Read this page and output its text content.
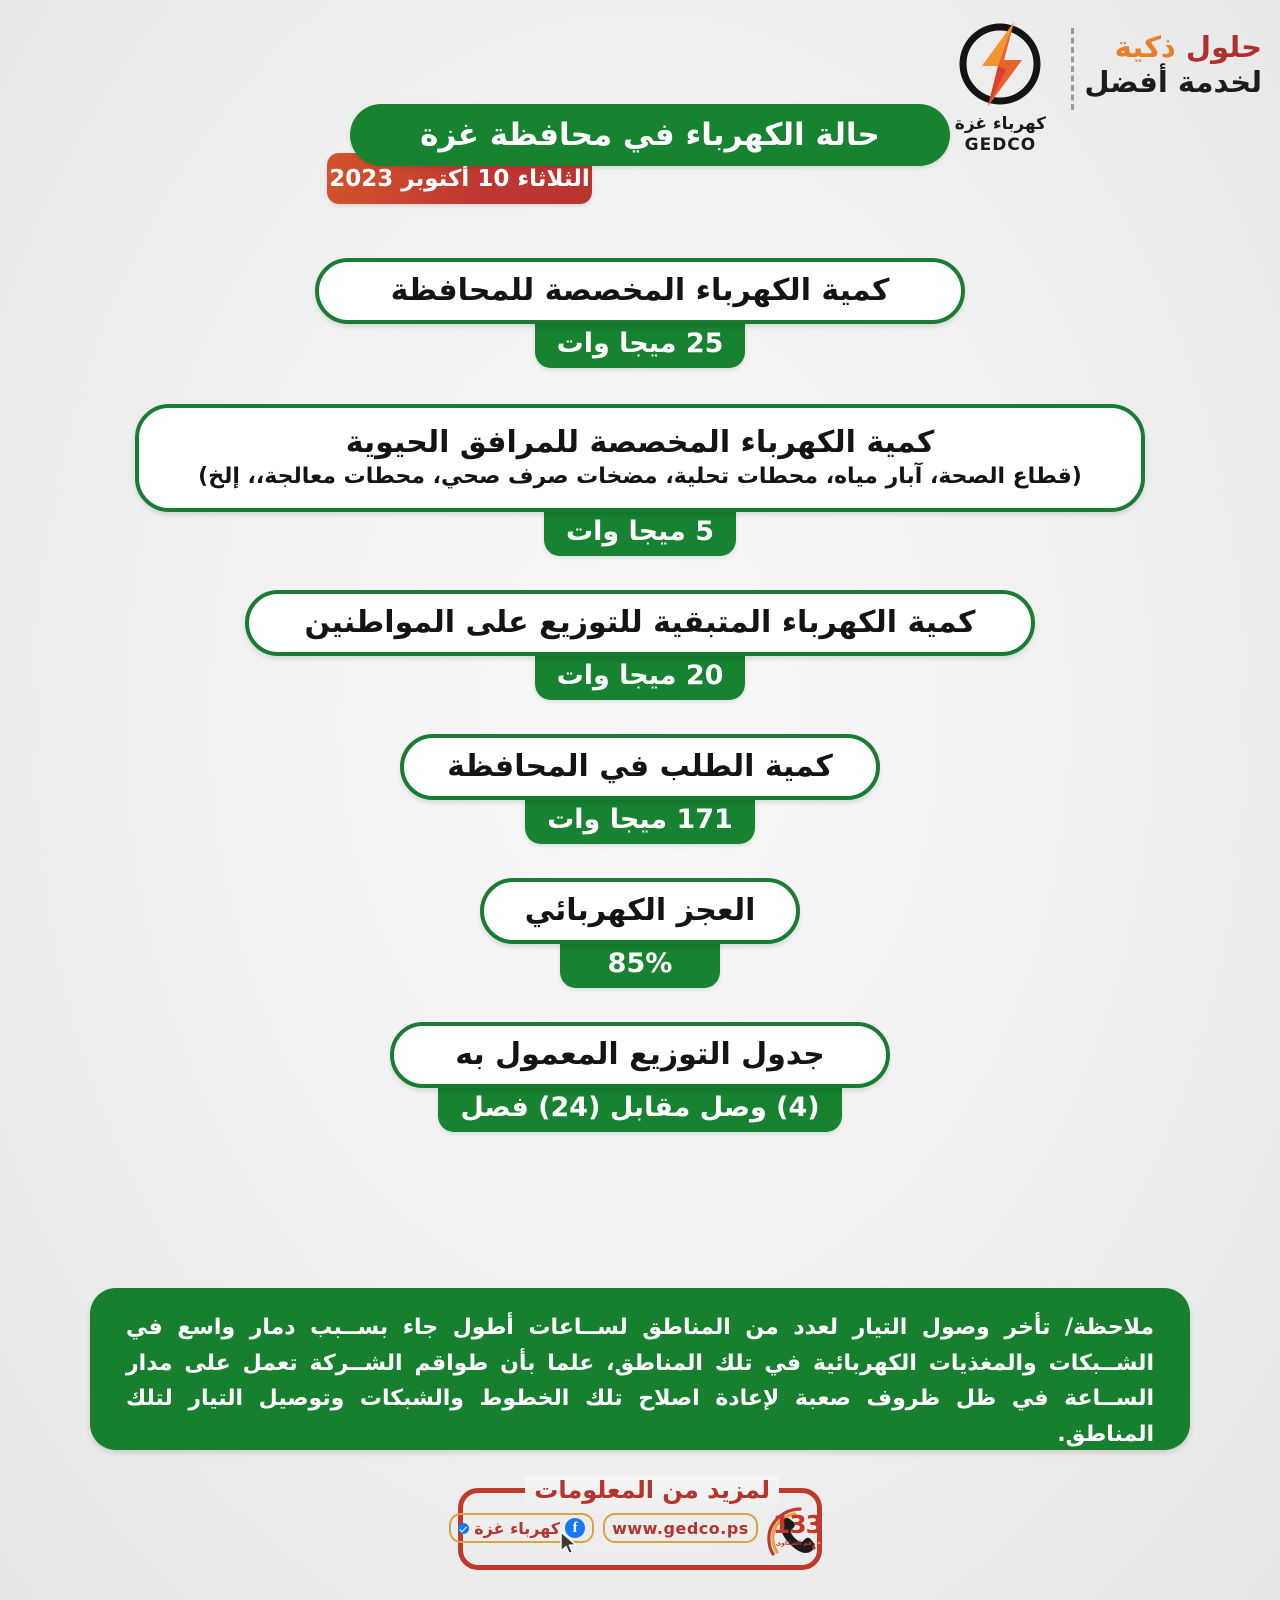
كهرباء غزة
GEDCO
حلول ذكية
لخدمة أفضل
حالة الكهرباء في محافظة غزة
الثلاثاء 10 أكتوبر 2023
كمية الكهرباء المخصصة للمحافظة
25 ميجا وات
كمية الكهرباء المخصصة للمرافق الحيوية
(قطاع الصحة، آبار مياه، محطات تحلية، مضخات صرف صحي، محطات معالجة،، إلخ)
5 ميجا وات
كمية الكهرباء المتبقية للتوزيع على المواطنين
20 ميجا وات
كمية الطلب في المحافظة
171 ميجا وات
العجز الكهربائي
85%
جدول التوزيع المعمول به
(4) وصل مقابل (24) فصل
ملاحظة/ تأخر وصول التيار لعدد من المناطق لســاعات أطول جاء بســبب دمار واسع في الشــبكات والمغذيات الكهربائية في تلك المناطق، علما بأن طواقم الشــركة تعمل على مدار الســاعة في ظل ظروف صعبة لإعادة اصلاح تلك الخطوط والشبكات وتوصيل التيار لتلك المناطق.
لمزيد من المعلومات
كهرباء غزة f	www.gedco.ps 133
رقم الشكاوى
